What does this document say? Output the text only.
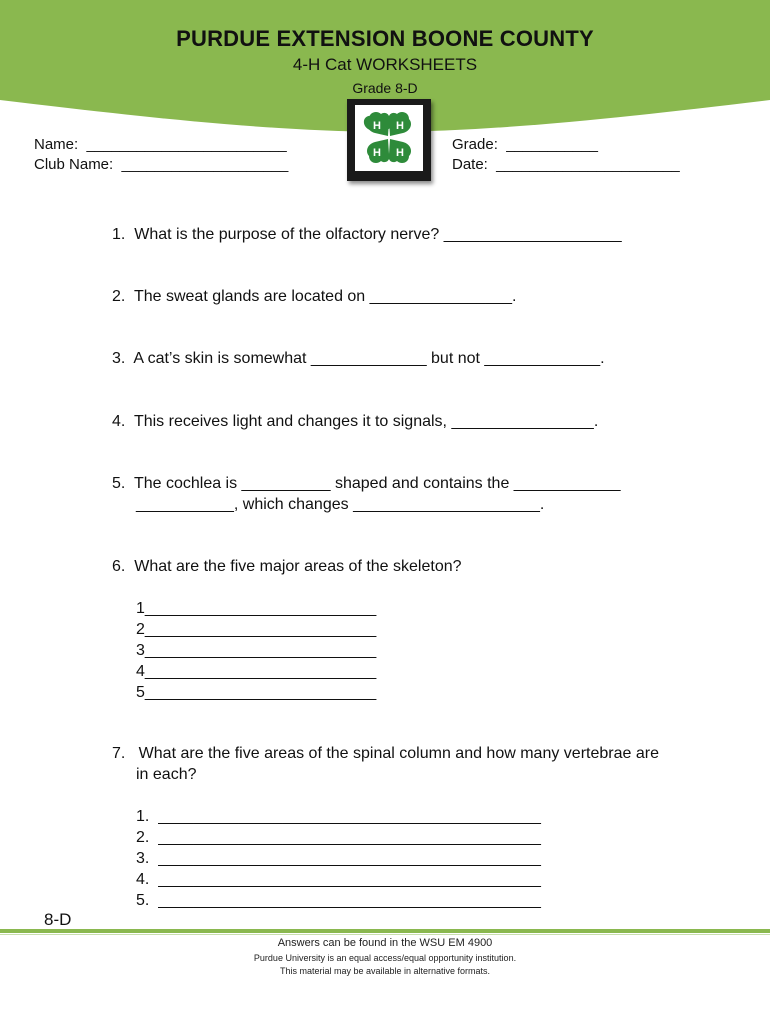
PURDUE EXTENSION BOONE COUNTY
4-H Cat WORKSHEETS
Grade 8-D
H H
H H
Name:  ________________________
Club Name:  ____________________
Grade:  ___________
Date:  ______________________
1.  What is the purpose of the olfactory nerve? ____________________
2.  The sweat glands are located on ________________.
3.  A cat’s skin is somewhat _____________ but not _____________.
4.  This receives light and changes it to signals, ________________.
5.  The cochlea is __________ shaped and contains the ____________
___________, which changes _____________________.
6.  What are the five major areas of the skeleton?
1__________________________
2__________________________
3__________________________
4__________________________
5__________________________
7.   What are the five areas of the spinal column and how many vertebrae are
in each?
1.  ___________________________________________
2.  ___________________________________________
3.  ___________________________________________
4.  ___________________________________________
5.  ___________________________________________
8-D
Answers can be found in the WSU EM 4900
Purdue University is an equal access/equal opportunity institution.
This material may be available in alternative formats.
